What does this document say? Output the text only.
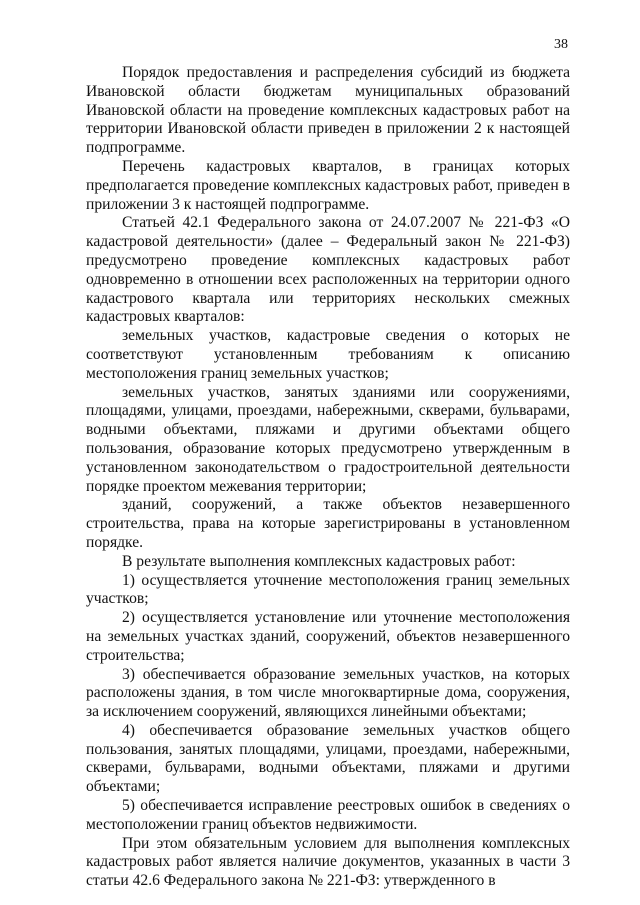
38

Порядок предоставления и распределения субсидий из бюджета Ивановской области бюджетам муниципальных образований Ивановской области на проведение комплексных кадастровых работ на территории Ивановской области приведен в приложении 2 к настоящей подпрограмме.

Перечень кадастровых кварталов, в границах которых предполагается проведение комплексных кадастровых работ, приведен в приложении 3 к настоящей подпрограмме.

Статьей 42.1 Федерального закона от 24.07.2007 № 221-ФЗ «О кадастровой деятельности» (далее – Федеральный закон № 221-ФЗ) предусмотрено проведение комплексных кадастровых работ одновременно в отношении всех расположенных на территории одного кадастрового квартала или территориях нескольких смежных кадастровых кварталов:

земельных участков, кадастровые сведения о которых не соответствуют установленным требованиям к описанию местоположения границ земельных участков;

земельных участков, занятых зданиями или сооружениями, площадями, улицами, проездами, набережными, скверами, бульварами, водными объектами, пляжами и другими объектами общего пользования, образование которых предусмотрено утвержденным в установленном законодательством о градостроительной деятельности порядке проектом межевания территории;

зданий, сооружений, а также объектов незавершенного строительства, права на которые зарегистрированы в установленном порядке.

В результате выполнения комплексных кадастровых работ:

1) осуществляется уточнение местоположения границ земельных участков;

2) осуществляется установление или уточнение местоположения на земельных участках зданий, сооружений, объектов незавершенного строительства;

3) обеспечивается образование земельных участков, на которых расположены здания, в том числе многоквартирные дома, сооружения, за исключением сооружений, являющихся линейными объектами;

4) обеспечивается образование земельных участков общего пользования, занятых площадями, улицами, проездами, набережными, скверами, бульварами, водными объектами, пляжами и другими объектами;

5) обеспечивается исправление реестровых ошибок в сведениях о местоположении границ объектов недвижимости.

При этом обязательным условием для выполнения комплексных кадастровых работ является наличие документов, указанных в части 3 статьи 42.6 Федерального закона № 221-ФЗ: утвержденного в
